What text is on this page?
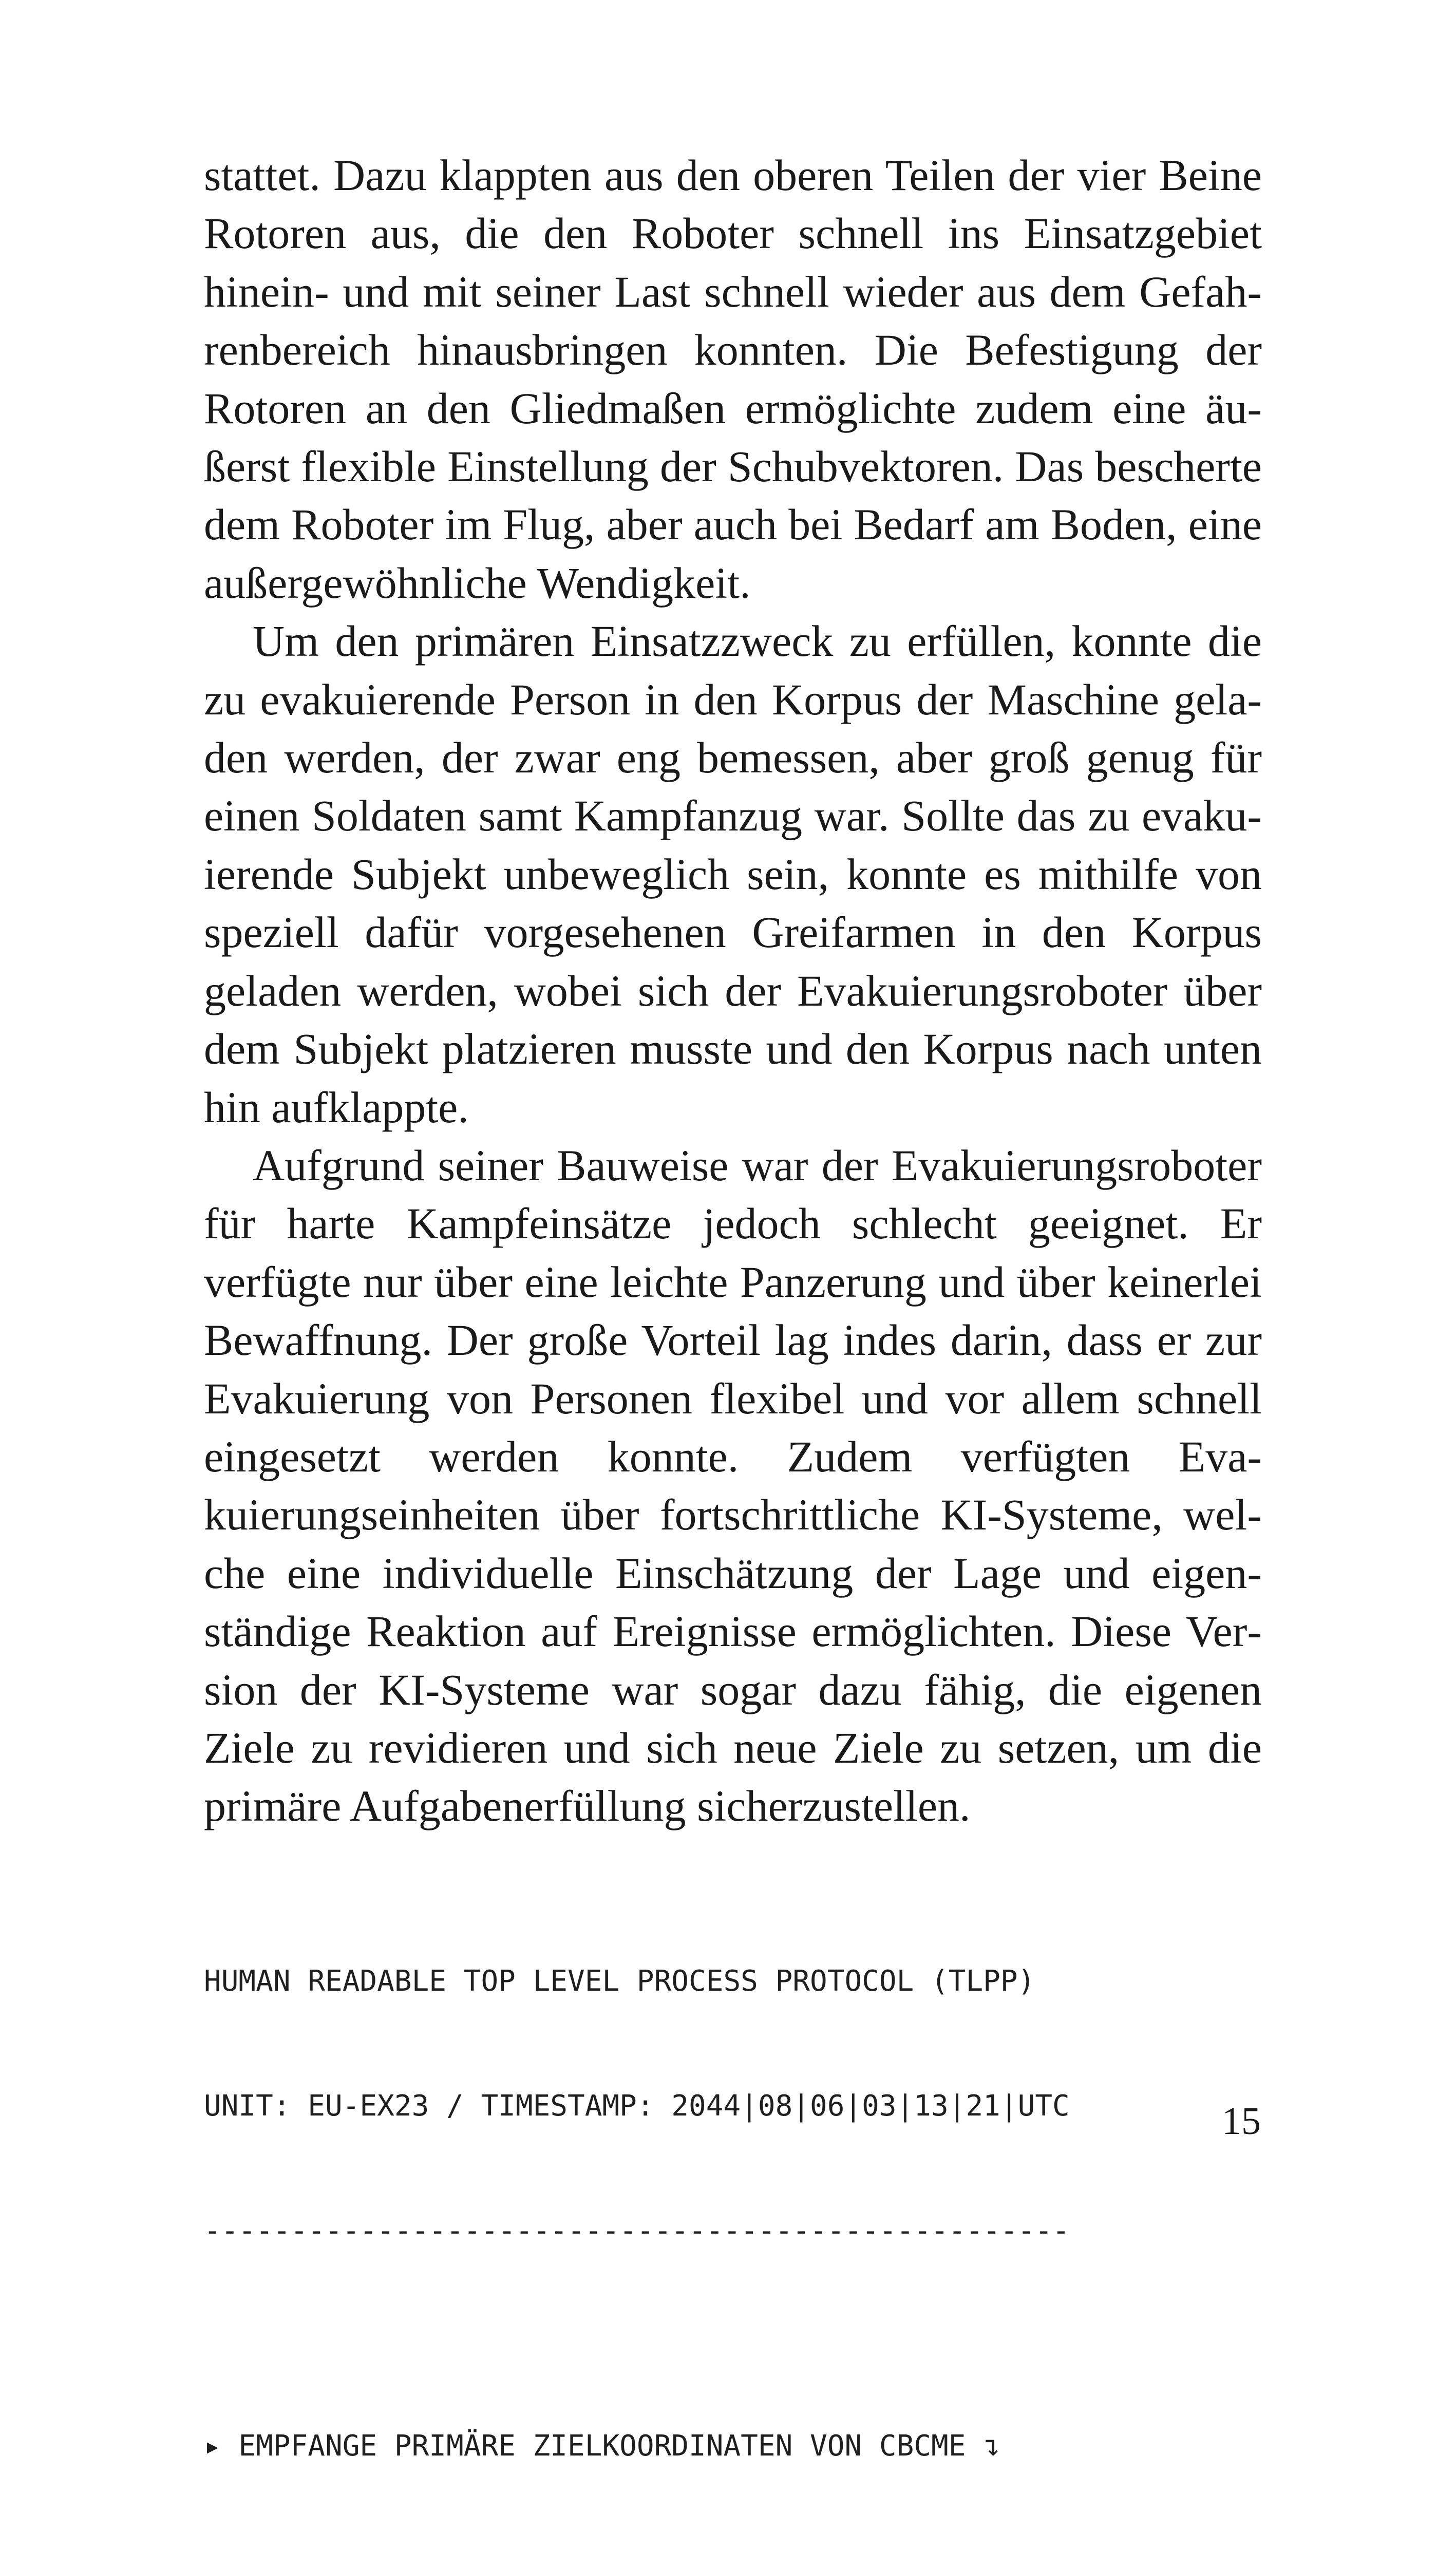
stattet. Dazu klappten aus den oberen Teilen der vier Beine Rotoren aus, die den Roboter schnell ins Einsatzgebiet hinein- und mit seiner Last schnell wieder aus dem Gefahrenbereich hinausbringen konnten. Die Befestigung der Rotoren an den Gliedmaßen ermöglichte zudem eine äußerst flexible Einstellung der Schubvektoren. Das bescherte dem Roboter im Flug, aber auch bei Bedarf am Boden, eine außergewöhnliche Wendigkeit.

Um den primären Einsatzzweck zu erfüllen, konnte die zu evakuierende Person in den Korpus der Maschine geladen werden, der zwar eng bemessen, aber groß genug für einen Soldaten samt Kampfanzug war. Sollte das zu evakuierende Subjekt unbeweglich sein, konnte es mithilfe von speziell dafür vorgesehenen Greifarmen in den Korpus geladen werden, wobei sich der Evakuierungsroboter über dem Subjekt platzieren musste und den Korpus nach unten hin aufklappte.

Aufgrund seiner Bauweise war der Evakuierungsroboter für harte Kampfeinsätze jedoch schlecht geeignet. Er verfügte nur über eine leichte Panzerung und über keinerlei Bewaffnung. Der große Vorteil lag indes darin, dass er zur Evakuierung von Personen flexibel und vor allem schnell eingesetzt werden konnte. Zudem verfügten Evakuierungseinheiten über fortschrittliche KI-Systeme, welche eine individuelle Einschätzung der Lage und eigenständige Reaktion auf Ereignisse ermöglichten. Diese Version der KI-Systeme war sogar dazu fähig, die eigenen Ziele zu revidieren und sich neue Ziele zu setzen, um die primäre Aufgabenerfüllung sicherzustellen.

HUMAN READABLE TOP LEVEL PROCESS PROTOCOL (TLPP)

UNIT: EU-EX23 / TIMESTAMP: 2044|08|06|03|13|21|UTC

--------------------------------------------------

▸ EMPFANGE PRIMÄRE ZIELKOORDINATEN VON CBCME ↴

15
